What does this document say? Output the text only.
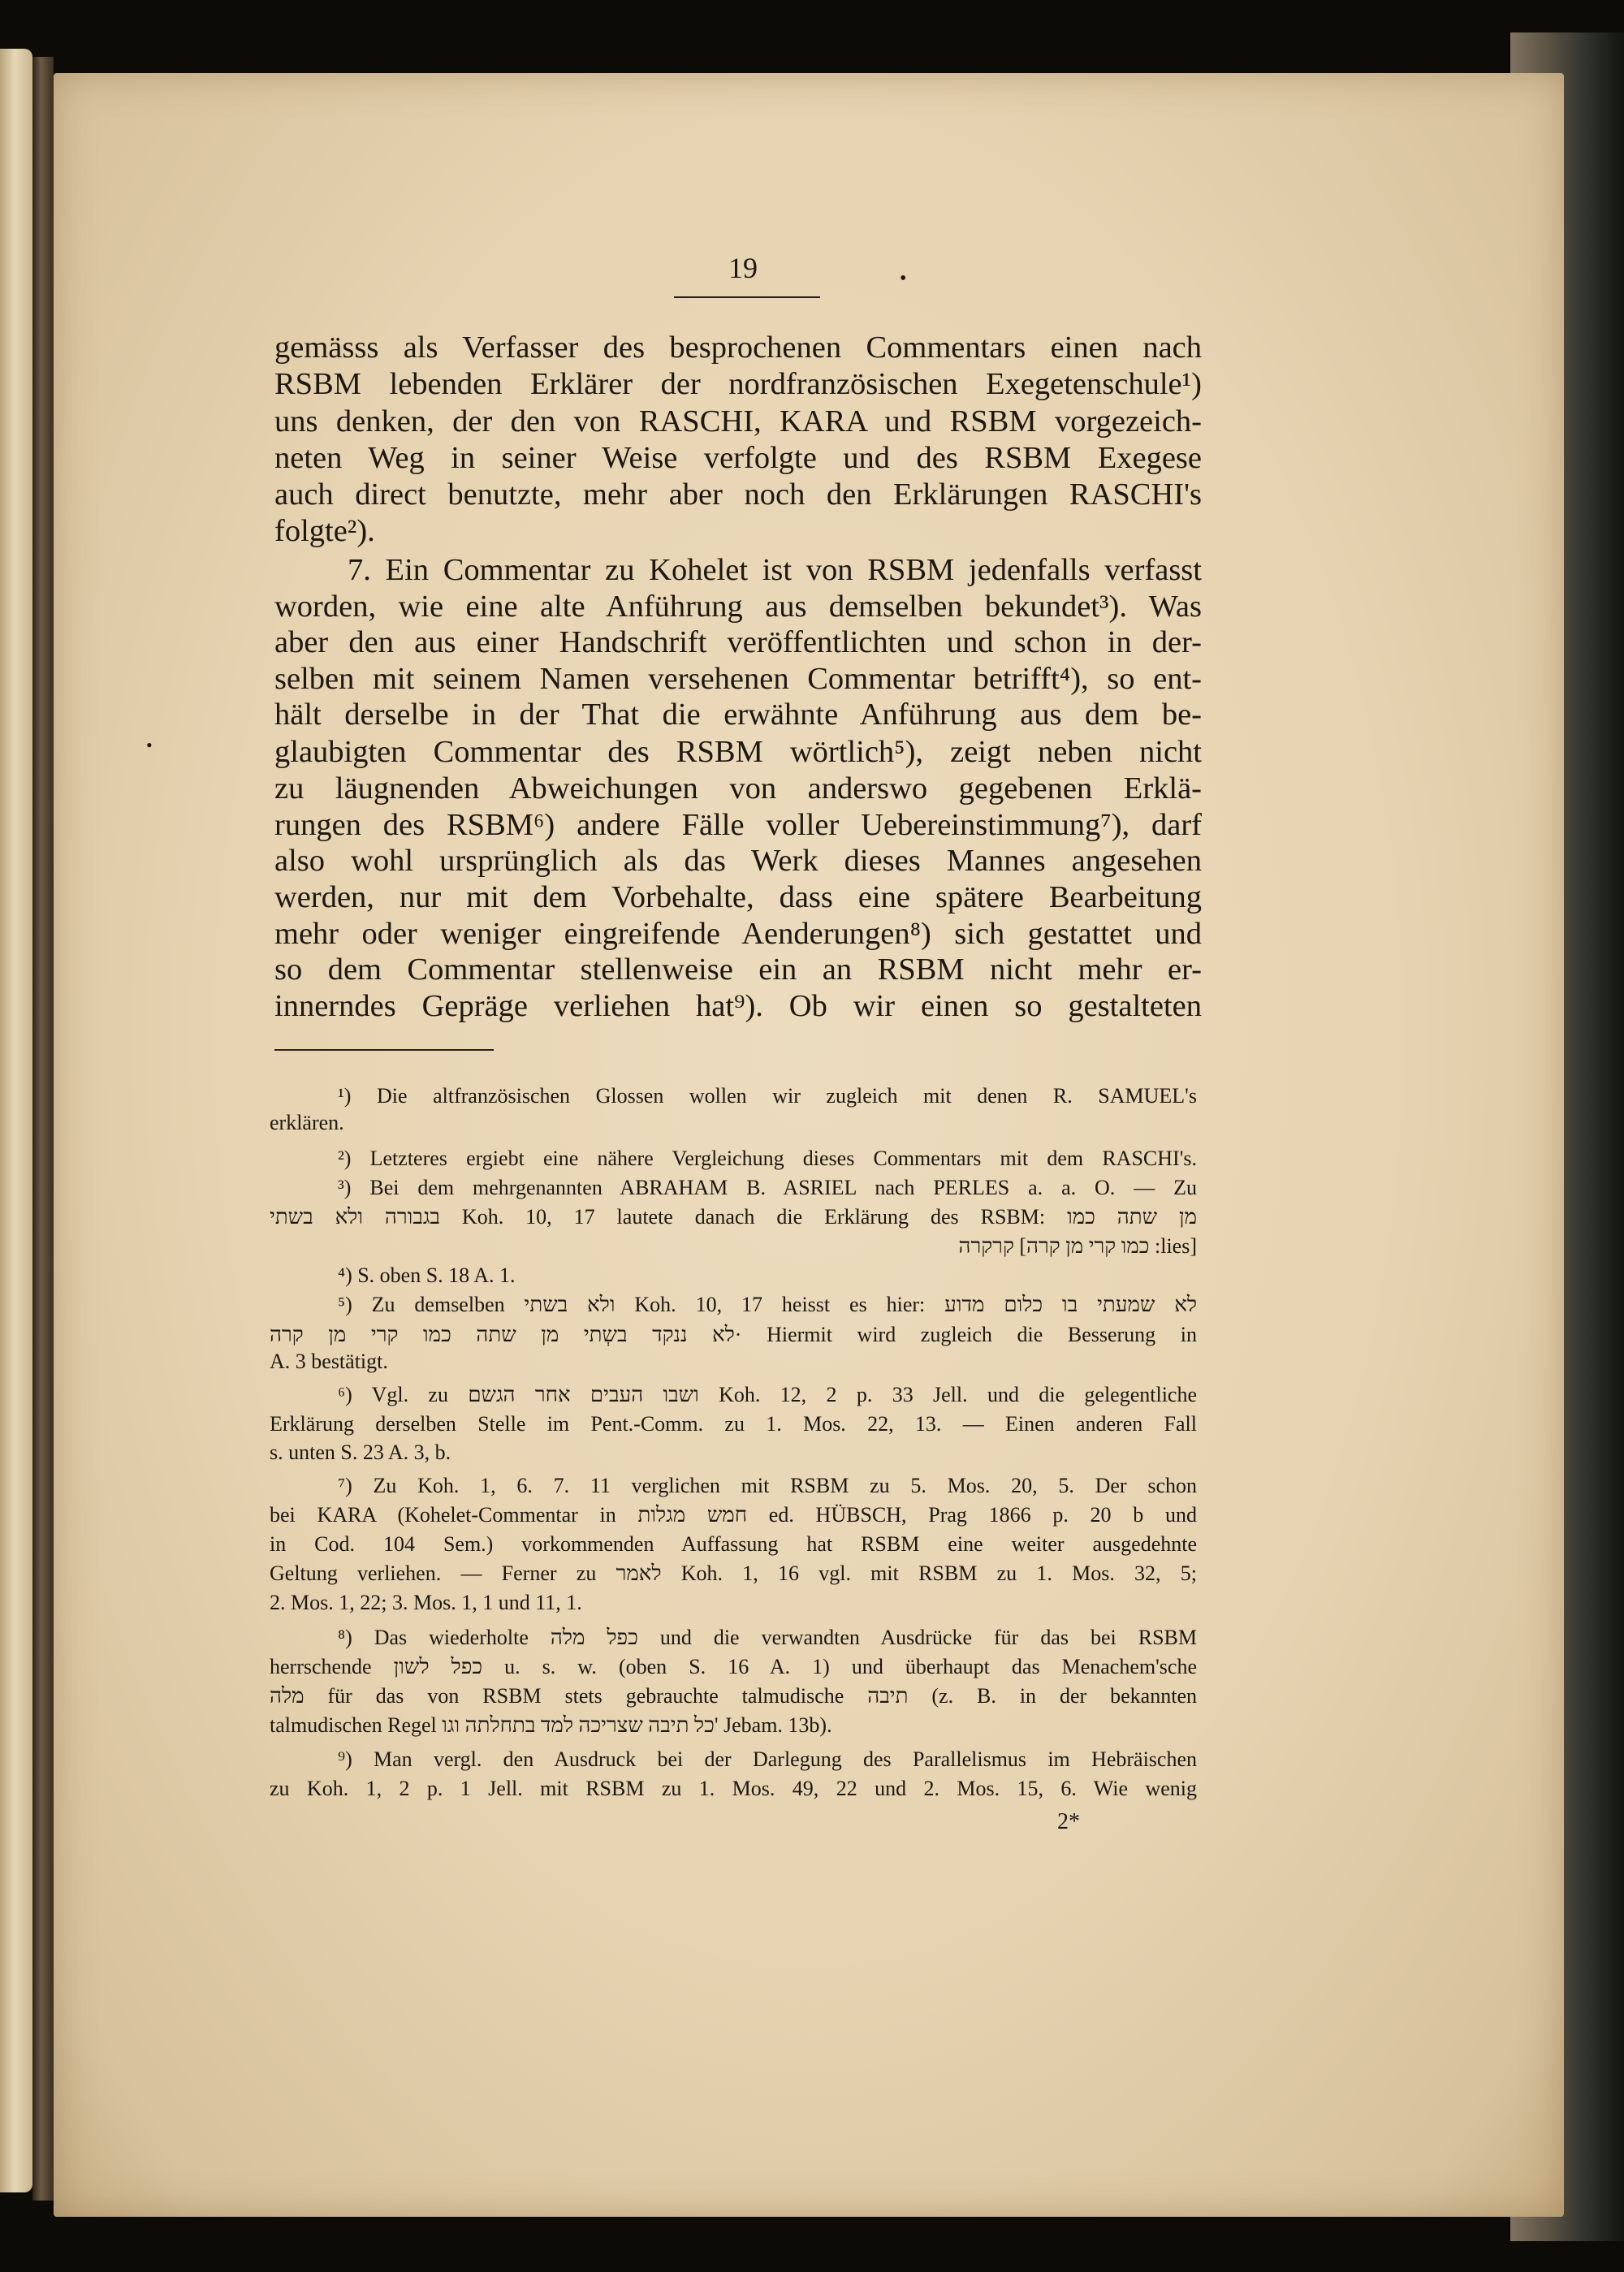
19	•
•
gemässs als Verfasser des besprochenen Commentars einen nach
RSBM lebenden Erklärer der nordfranzösischen Exegetenschule¹)
uns denken, der den von RASCHI, KARA und RSBM vorgezeich-
neten Weg in seiner Weise verfolgte und des RSBM Exegese
auch direct benutzte, mehr aber noch den Erklärungen RASCHI's
folgte²).
7. Ein Commentar zu Kohelet ist von RSBM jedenfalls verfasst
worden, wie eine alte Anführung aus demselben bekundet³). Was
aber den aus einer Handschrift veröffentlichten und schon in der-
selben mit seinem Namen versehenen Commentar betrifft⁴), so ent-
hält derselbe in der That die erwähnte Anführung aus dem be-
glaubigten Commentar des RSBM wörtlich⁵), zeigt neben nicht
zu läugnenden Abweichungen von anderswo gegebenen Erklä-
rungen des RSBM⁶) andere Fälle voller Uebereinstimmung⁷), darf
also wohl ursprünglich als das Werk dieses Mannes angesehen
werden, nur mit dem Vorbehalte, dass eine spätere Bearbeitung
mehr oder weniger eingreifende Aenderungen⁸) sich gestattet und
so dem Commentar stellenweise ein an RSBM nicht mehr er-
innerndes Gepräge verliehen hat⁹). Ob wir einen so gestalteten
¹) Die altfranzösischen Glossen wollen wir zugleich mit denen R. SAMUEL's
erklären.
²) Letzteres ergiebt eine nähere Vergleichung dieses Commentars mit dem RASCHI's.
³) Bei dem mehrgenannten ABRAHAM B. ASRIEL nach PERLES a. a. O. — Zu
בגבורה ולא בשתי Koh. 10, 17 lautete danach die Erklärung des RSBM: מן שתה כמו
קרקרה [כמו קרי מן קרה :lies]
⁴) S. oben S. 18 A. 1.
⁵) Zu demselben ולא בשתי Koh. 10, 17 heisst es hier: לא שמעתי בו כלום מדוע
לא ננקד בשְתי מן שתה כמו קרי מן קרה· Hiermit wird zugleich die Besserung in
A. 3 bestätigt.
⁶) Vgl. zu ושבו העבים אחר הגשם Koh. 12, 2 p. 33 Jell. und die gelegentliche
Erklärung derselben Stelle im Pent.-Comm. zu 1. Mos. 22, 13. — Einen anderen Fall
s. unten S. 23 A. 3, b.
⁷) Zu Koh. 1, 6. 7. 11 verglichen mit RSBM zu 5. Mos. 20, 5. Der schon
bei KARA (Kohelet-Commentar in חמש מגלות ed. HÜBSCH, Prag 1866 p. 20 b und
in Cod. 104 Sem.) vorkommenden Auffassung hat RSBM eine weiter ausgedehnte
Geltung verliehen. — Ferner zu לאמר Koh. 1, 16 vgl. mit RSBM zu 1. Mos. 32, 5;
2. Mos. 1, 22; 3. Mos. 1, 1 und 11, 1.
⁸) Das wiederholte כפל מלה und die verwandten Ausdrücke für das bei RSBM
herrschende כפל לשון u. s. w. (oben S. 16 A. 1) und überhaupt das Menachem'sche
מלה für das von RSBM stets gebrauchte talmudische תיבה (z. B. in der bekannten
talmudischen Regel כל תיבה שצריכה למד בתחלתה וגו' Jebam. 13b).
⁹) Man vergl. den Ausdruck bei der Darlegung des Parallelismus im Hebräischen
zu Koh. 1, 2 p. 1 Jell. mit RSBM zu 1. Mos. 49, 22 und 2. Mos. 15, 6. Wie wenig
2*
